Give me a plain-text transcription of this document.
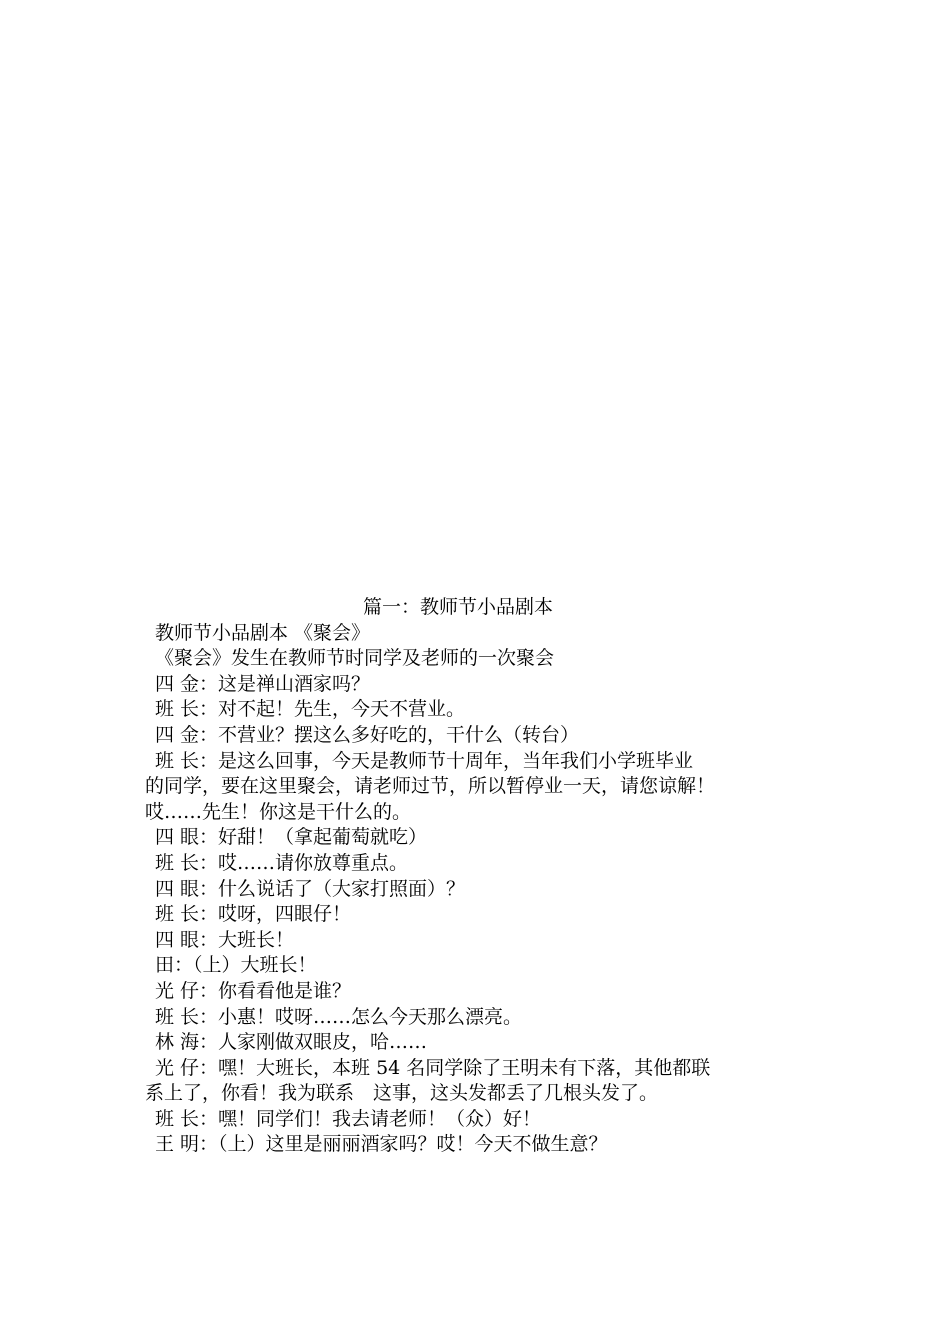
篇一：教师节小品剧本
教师节小品剧本 《聚会》
《聚会》发生在教师节时同学及老师的一次聚会
四 金：这是禅山酒家吗？
班 长：对不起！先生，今天不营业。
四 金：不营业？摆这么多好吃的，干什么（转台）
班 长：是这么回事，今天是教师节十周年，当年我们小学班毕业
的同学，要在这里聚会，请老师过节，所以暂停业一天，请您谅解！
哎……先生！你这是干什么的。
四 眼：好甜！（拿起葡萄就吃）
班 长：哎……请你放尊重点。
四 眼：什么说话了（大家打照面）？
班 长：哎呀，四眼仔！
四 眼：大班长！
田：（上）大班长！
光 仔：你看看他是谁？
班 长：小惠！哎呀……怎么今天那么漂亮。
林 海：人家刚做双眼皮，哈……
光 仔：嘿！大班长，本班 54 名同学除了王明未有下落，其他都联
系上了，你看！我为联系　这事，这头发都丢了几根头发了。
班 长：嘿！同学们！我去请老师！（众）好！
王 明：（上）这里是丽丽酒家吗？哎！今天不做生意？
